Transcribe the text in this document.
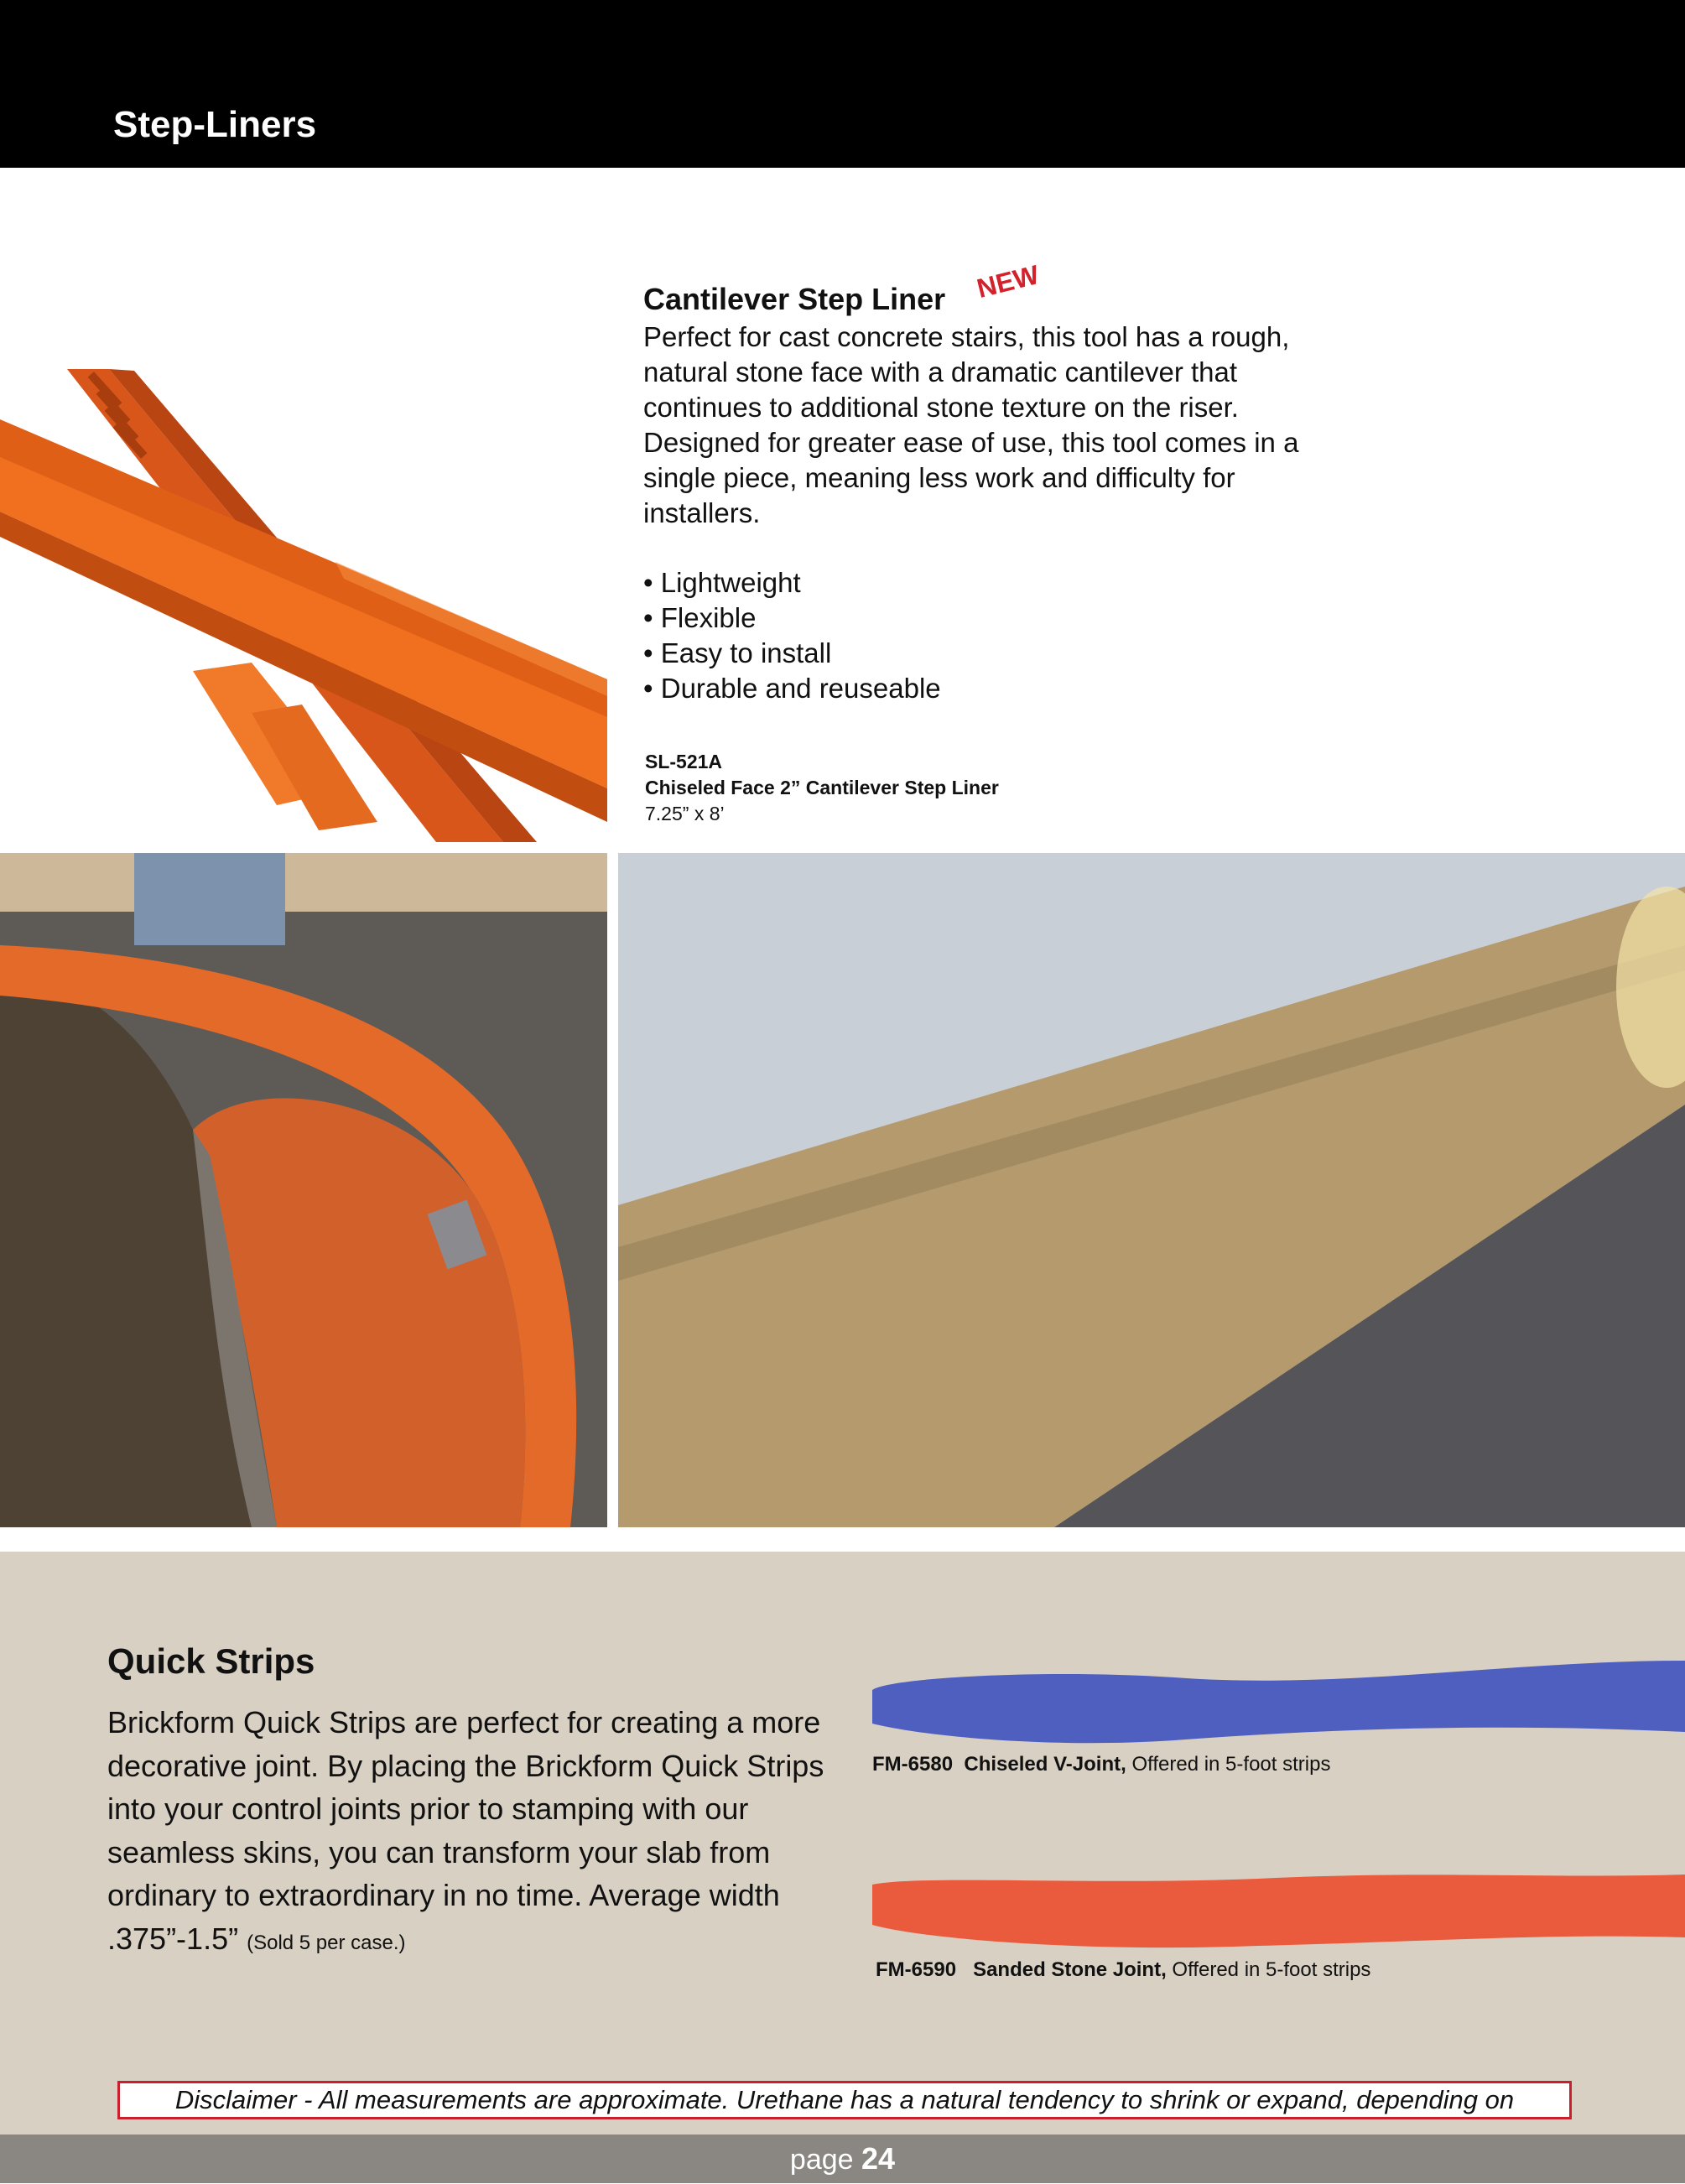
Step-Liners
Cantilever Step Liner NEW
Perfect for cast concrete stairs, this tool has a rough, natural stone face with a dramatic cantilever that continues to additional stone texture on the riser. Designed for greater ease of use, this tool comes in a single piece, meaning less work and difficulty for installers.
• Lightweight
• Flexible
• Easy to install
• Durable and reuseable
SL-521A
Chiseled Face 2” Cantilever Step Liner
7.25” x 8’
Quick Strips
Brickform Quick Strips are perfect for creating a more decorative joint. By placing the Brickform Quick Strips into your control joints prior to stamping with our seamless skins, you can transform your slab from ordinary to extraordinary in no time. Average width .375”-1.5” (Sold 5 per case.)
FM-6580 Chiseled V-Joint, Offered in 5-foot strips
FM-6590 Sanded Stone Joint, Offered in 5-foot strips
Disclaimer - All measurements are approximate. Urethane has a natural tendency to shrink or expand, depending on
page 24
